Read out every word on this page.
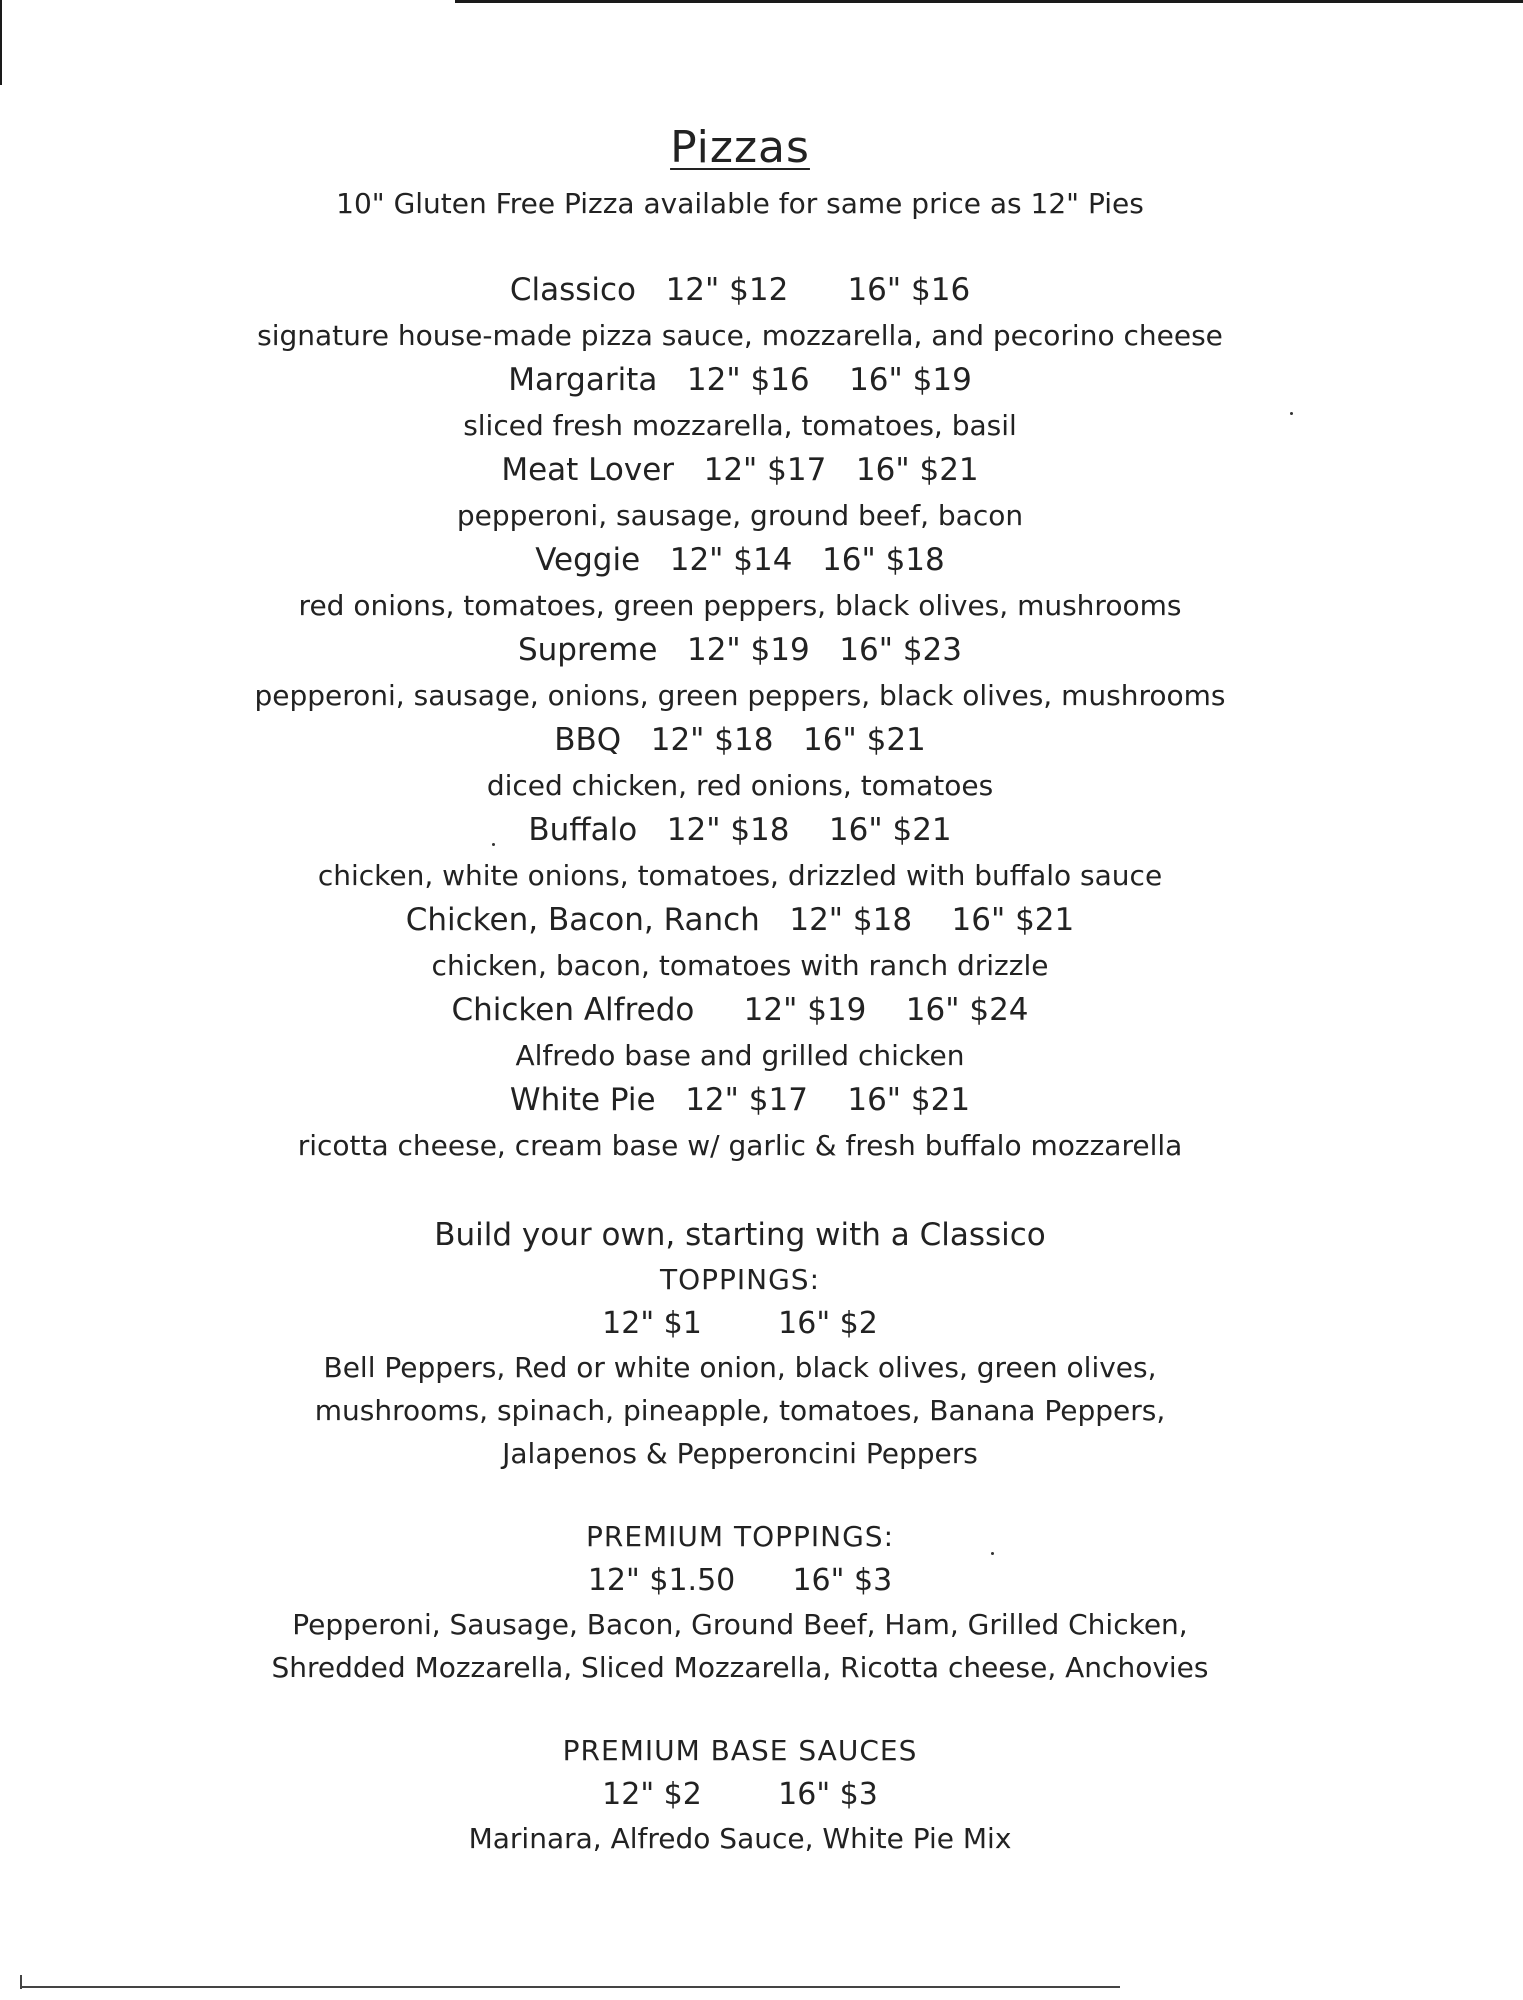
Pizzas
10" Gluten Free Pizza available for same price as 12" Pies
Classico 12" $12 16" $16
signature house-made pizza sauce, mozzarella, and pecorino cheese
Margarita 12" $16 16" $19
sliced fresh mozzarella, tomatoes, basil
Meat Lover 12" $17 16" $21
pepperoni, sausage, ground beef, bacon
Veggie 12" $14 16" $18
red onions, tomatoes, green peppers, black olives, mushrooms
Supreme 12" $19 16" $23
pepperoni, sausage, onions, green peppers, black olives, mushrooms
BBQ 12" $18 16" $21
diced chicken, red onions, tomatoes
Buffalo 12" $18 16" $21
chicken, white onions, tomatoes, drizzled with buffalo sauce
Chicken, Bacon, Ranch 12" $18 16" $21
chicken, bacon, tomatoes with ranch drizzle
Chicken Alfredo 12" $19 16" $24
Alfredo base and grilled chicken
White Pie 12" $17 16" $21
ricotta cheese, cream base w/ garlic & fresh buffalo mozzarella
Build your own, starting with a Classico
TOPPINGS:
12" $1	16" $2
Bell Peppers, Red or white onion, black olives, green olives,
mushrooms, spinach, pineapple, tomatoes, Banana Peppers,
Jalapenos & Pepperoncini Peppers
PREMIUM TOPPINGS:
12" $1.50 16" $3
Pepperoni, Sausage, Bacon, Ground Beef, Ham, Grilled Chicken,
Shredded Mozzarella, Sliced Mozzarella, Ricotta cheese, Anchovies
PREMIUM BASE SAUCES
12" $2	16" $3
Marinara, Alfredo Sauce, White Pie Mix
